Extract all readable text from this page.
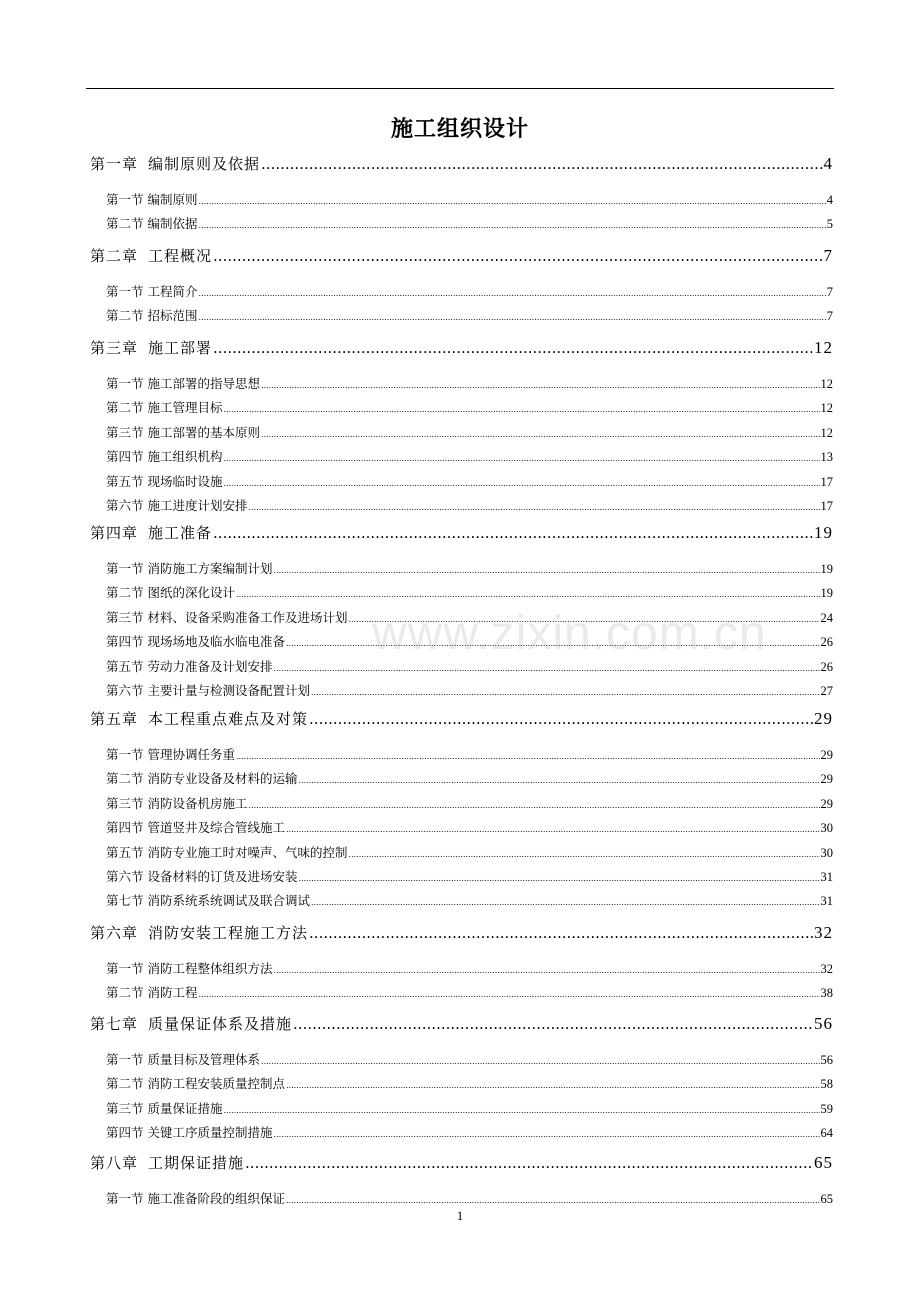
施工组织设计
第一章 编制原则及依据 .....	4
第一节 编制原则 .....	4
第二节 编制依据 .....	5
第二章 工程概况 .....	7
第一节 工程简介 .....	7
第二节 招标范围 .....	7
第三章 施工部署 .....	12
第一节 施工部署的指导思想 .....	12
第二节 施工管理目标 .....	12
第三节 施工部署的基本原则 .....	12
第四节 施工组织机构 .....	13
第五节 现场临时设施 .....	17
第六节 施工进度计划安排 .....	17
第四章 施工准备 .....	19
第一节 消防施工方案编制计划 .....	19
第二节 图纸的深化设计 .....	19
第三节 材料、设备采购准备工作及进场计划 .....	24
第四节 现场场地及临水临电准备 .....	26
第五节 劳动力准备及计划安排 .....	26
第六节 主要计量与检测设备配置计划 .....	27
第五章 本工程重点难点及对策 .....	29
第一节 管理协调任务重 .....	29
第二节 消防专业设备及材料的运输 .....	29
第三节 消防设备机房施工 .....	29
第四节 管道竖井及综合管线施工 .....	30
第五节 消防专业施工时对噪声、气味的控制 .....	30
第六节 设备材料的订货及进场安装 .....	31
第七节 消防系统系统调试及联合调试 .....	31
第六章 消防安装工程施工方法 .....	32
第一节 消防工程整体组织方法 .....	32
第二节 消防工程 .....	38
第七章 质量保证体系及措施 .....	56
第一节 质量目标及管理体系 .....	56
第二节 消防工程安装质量控制点 .....	58
第三节 质量保证措施 .....	59
第四节 关键工序质量控制措施 .....	64
第八章 工期保证措施 .....	65
第一节 施工准备阶段的组织保证 .....	65
www.zixin.com.cn
1
